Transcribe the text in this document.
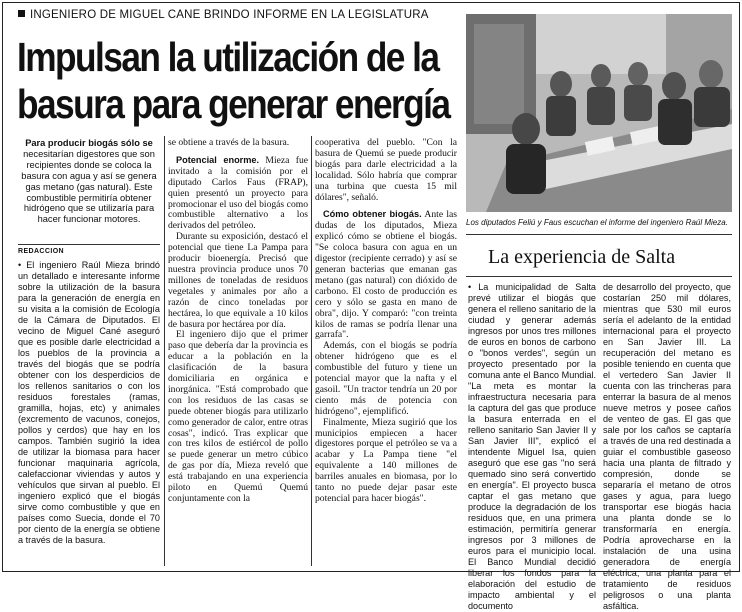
INGENIERO DE MIGUEL CANE BRINDO INFORME EN LA LEGISLATURA
Impulsan la utilización de la
basura para generar energía
Para producir biogás sólo se necesitarían digestores que son recipientes donde se coloca la basura con agua y así se genera gas metano (gas natural). Este combustible permitiría obtener hidrógeno que se utilizaría para hacer funcionar motores.
REDACCION

• El ingeniero Raúl Mieza brindó un detallado e interesante informe sobre la utilización de la basura para la generación de energía en su visita a la comisión de Ecología de la Cámara de Diputados. El vecino de Miguel Cané aseguró que es posible darle electricidad a los pueblos de la provincia a través del biogás que se podría obtener con los desperdicios de los rellenos sanitarios o con los residuos forestales (ramas, gramilla, hojas, etc) y animales (excremento de vacunos, conejos, pollos y cerdos) que hay en los campos. También sugirió la idea de utilizar la biomasa para hacer funcionar maquinaria agrícola, calefaccionar viviendas y autos y vehículos que sirvan al pueblo. El ingeniero explicó que el biogás sirve como combustible y que en países como Suecia, donde el 70 por ciento de la energía se obtiene a través de la basura.

se obtiene a través de la basura.

Potencial enorme. Mieza fue invitado a la comisión por el diputado Carlos Faus (FRAP), quien presentó un proyecto para promocionar el uso del biogás como combustible alternativo a los derivados del petróleo.

Durante su exposición, destacó el potencial que tiene La Pampa para producir bioenergía. Precisó que nuestra provincia produce unos 70 millones de toneladas de residuos vegetales y animales por año a razón de cinco toneladas por hectárea, lo que equivale a 10 kilos de basura por hectárea por día.

El ingeniero dijo que el primer paso que debería dar la provincia es educar a la población en la clasificación de la basura domiciliaria en orgánica e inorgánica. "Está comprobado que con los residuos de las casas se puede obtener biogás para utilizarlo como generador de calor, entre otras cosas", indicó. Tras explicar que con tres kilos de estiércol de pollo se puede generar un metro cúbico de gas por día, Mieza reveló que está trabajando en una experiencia piloto en Quemú Quemú conjuntamente con la

cooperativa del pueblo. "Con la basura de Quemú se puede producir biogás para darle electricidad a la localidad. Sólo habría que comprar una turbina que cuesta 15 mil dólares", señaló.

Cómo obtener biogás. Ante las dudas de los diputados, Mieza explicó cómo se obtiene el biogás. "Se coloca basura con agua en un digestor (recipiente cerrado) y así se generan bacterias que emanan gas metano (gas natural) con dióxido de carbono. El costo de producción es cero y sólo se gasta en mano de obra", dijo. Y comparó: "con treinta kilos de ramas se podría llenar una garrafa".

Además, con el biogás se podría obtener hidrógeno que es el combustible del futuro y tiene un potencial mayor que la nafta y el gasoil. "Un tractor tendría un 20 por ciento más de potencia con hidrógeno", ejemplificó.

Finalmente, Mieza sugirió que los municipios empiecen a hacer digestores porque el petróleo se va a acabar y La Pampa tiene "el equivalente a 140 millones de barriles anuales en biomasa, por lo tanto no puede dejar pasar este potencial para hacer biogás".

Los diputados Feliú y Faus escuchan el informe del ingeniero Raúl Mieza.
La experiencia de Salta

• La municipalidad de Salta prevé utilizar el biogás que genera el relleno sanitario de la ciudad y generar además ingresos por unos tres millones de euros en bonos de carbono o "bonos verdes", según un proyecto presentado por la comuna ante el Banco Mundial. "La meta es montar la infraestructura necesaria para la captura del gas que produce la basura enterrada en el relleno sanitario San Javier II y San Javier III", explicó el intendente Miguel Isa, quien aseguró que ese gas "no será quemado sino será convertido en energía". El proyecto busca captar el gas metano que produce la degradación de los residuos que, en una primera estimación, permitiría generar ingresos por 3 millones de euros para el municipio local. El Banco Mundial decidió liberar los fondos para la elaboración del estudio de impacto ambiental y el documento

de desarrollo del proyecto, que costarían 250 mil dólares, mientras que 530 mil euros sería el adelanto de la entidad internacional para el proyecto en San Javier III. La recuperación del metano es posible teniendo en cuenta que el vertedero San Javier II cuenta con las trincheras para enterrar la basura de al menos nueve metros y posee caños de venteo de gas. El gas que sale por los caños se captaría a través de una red destinada a guiar el combustible gaseoso hacia una planta de filtrado y compresión, donde se separaría el metano de otros gases y agua, para luego transportar ese biogás hacia una planta donde se lo transformaría en energía. Podría aprovecharse en la instalación de una usina generadora de energía eléctrica, una planta para el tratamiento de residuos peligrosos o una planta asfáltica.
